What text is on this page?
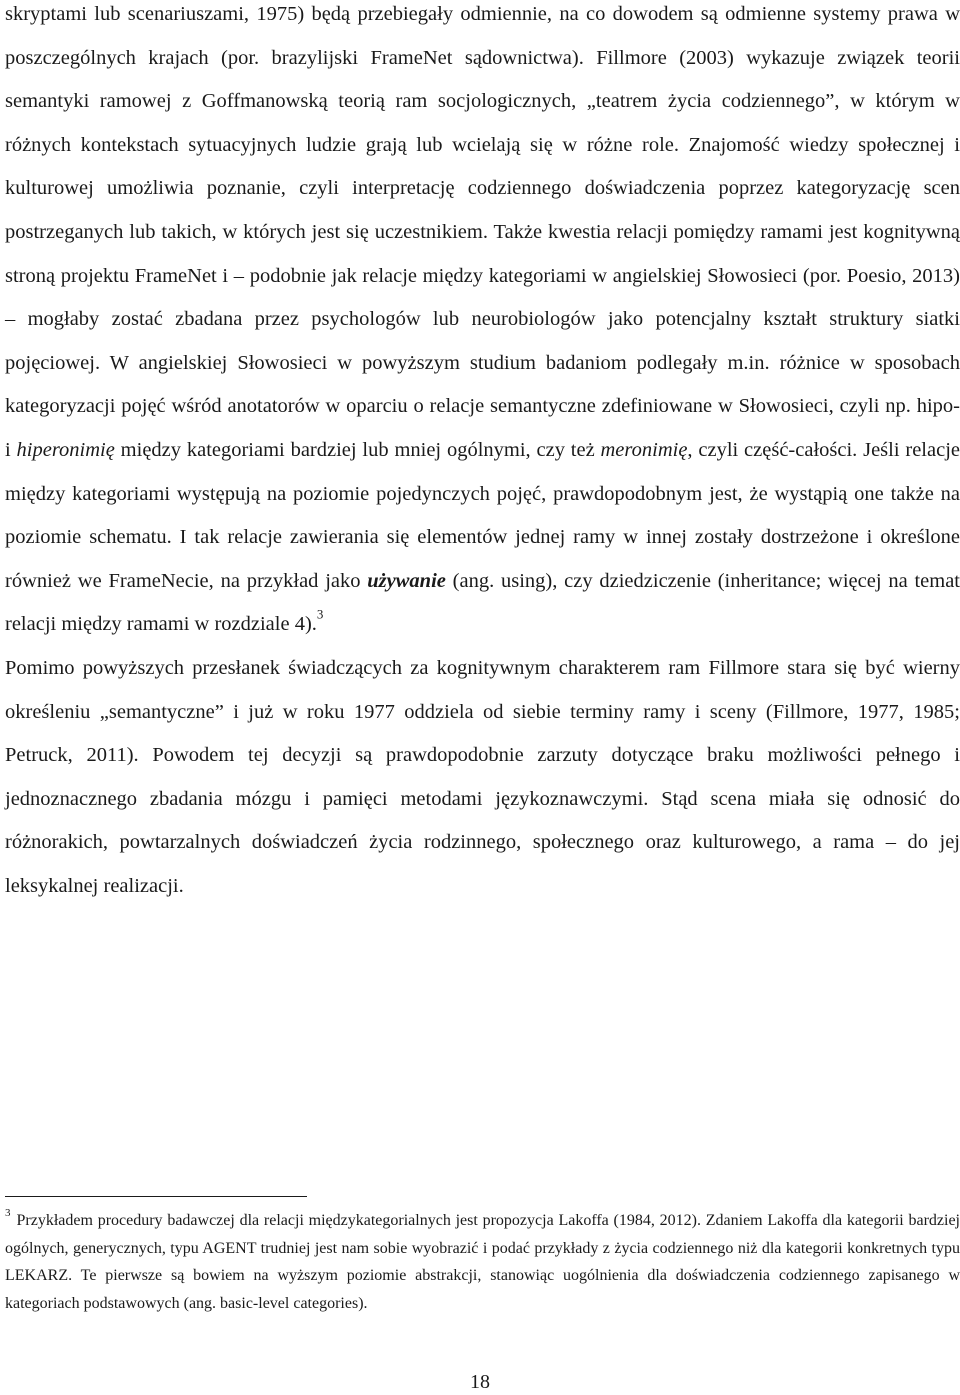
skryptami lub scenariuszami, 1975) będą przebiegały odmiennie, na co dowodem są odmienne systemy prawa w poszczególnych krajach (por. brazylijski FrameNet sądownictwa). Fillmore (2003) wykazuje związek teorii semantyki ramowej z Goffmanowską teorią ram socjologicznych, „teatrem życia codziennego”, w którym w różnych kontekstach sytuacyjnych ludzie grają lub wcielają się w różne role. Znajomość wiedzy społecznej i kulturowej umożliwia poznanie, czyli interpretację codziennego doświadczenia poprzez kategoryzację scen postrzeganych lub takich, w których jest się uczestnikiem. Także kwestia relacji pomiędzy ramami jest kognitywną stroną projektu FrameNet i – podobnie jak relacje między kategoriami w angielskiej Słowosieci (por. Poesio, 2013) – mogłaby zostać zbadana przez psychologów lub neurobiologów jako potencjalny kształt struktury siatki pojęciowej. W angielskiej Słowosieci w powyższym studium badaniom podlegały m.in. różnice w sposobach kategoryzacji pojęć wśród anotatorów w oparciu o relacje semantyczne zdefiniowane w Słowosieci, czyli np. hipo- i hiperonimię między kategoriami bardziej lub mniej ogólnymi, czy też meronimię, czyli część-całości. Jeśli relacje między kategoriami występują na poziomie pojedynczych pojęć, prawdopodobnym jest, że wystąpią one także na poziomie schematu. I tak relacje zawierania się elementów jednej ramy w innej zostały dostrzeżone i określone również we FrameNecie, na przykład jako używanie (ang. using), czy dziedziczenie (inheritance; więcej na temat relacji między ramami w rozdziale 4).$^3$

Pomimo powyższych przesłanek świadczących za kognitywnym charakterem ram Fillmore stara się być wierny określeniu „semantyczne” i już w roku 1977 oddziela od siebie terminy ramy i sceny (Fillmore, 1977, 1985; Petruck, 2011). Powodem tej decyzji są prawdopodobnie zarzuty dotyczące braku możliwości pełnego i jednoznacznego zbadania mózgu i pamięci metodami językoznawczymi. Stąd scena miała się odnosić do różnorakich, powtarzalnych doświadczeń życia rodzinnego, społecznego oraz kulturowego, a rama – do jej leksykalnej realizacji.

$^3$ Przykładem procedury badawczej dla relacji międzykategorialnych jest propozycja Lakoffa (1984, 2012). Zdaniem Lakoffa dla kategorii bardziej ogólnych, generycznych, typu AGENT trudniej jest nam sobie wyobrazić i podać przykłady z życia codziennego niż dla kategorii konkretnych typu LEKARZ. Te pierwsze są bowiem na wyższym poziomie abstrakcji, stanowiąc uogólnienia dla doświadczenia codziennego zapisanego w kategoriach podstawowych (ang. basic-level categories).

18
